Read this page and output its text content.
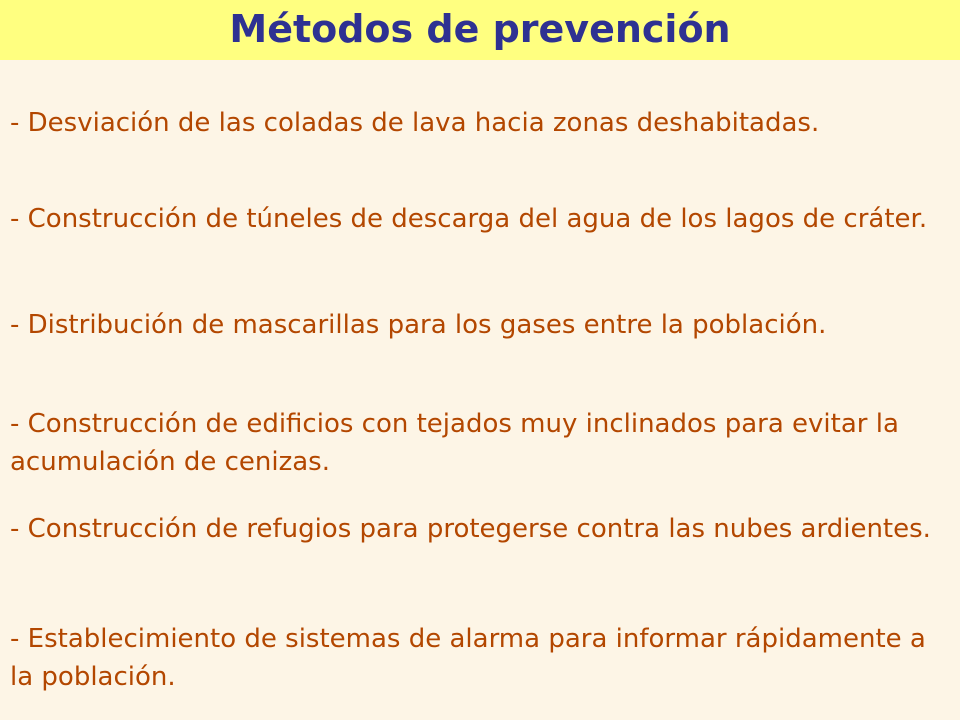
Métodos de prevención
- Desviación de las coladas de lava hacia zonas deshabitadas.
- Construcción de túneles de descarga del agua de los lagos de cráter.
- Distribución de mascarillas para los gases entre la población.
- Construcción de edificios con tejados muy inclinados para evitar la acumulación de cenizas.
- Construcción de refugios para protegerse contra las nubes ardientes.
- Establecimiento de sistemas de alarma para informar rápidamente a la población.
